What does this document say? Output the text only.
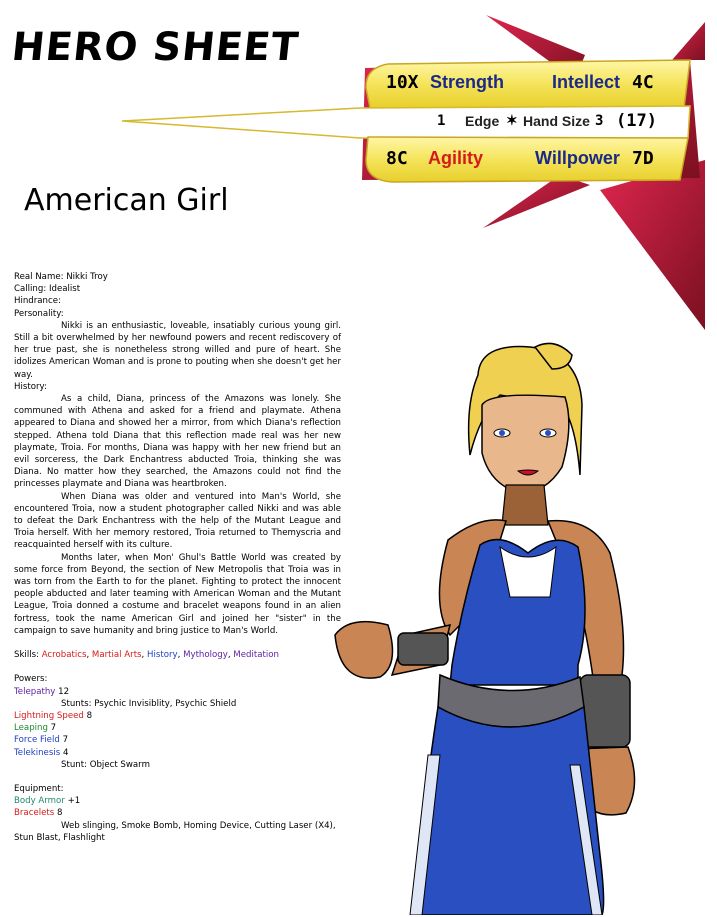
HERO SHEET
10X Strength	Intellect 4C
1 Edge ✶ Hand Size 3 (17)
8C Agility	Willpower 7D
American Girl

Real Name: Nikki Troy

Calling: Idealist

Hindrance:

Personality:

Nikki is an enthusiastic, loveable, insatiably curious young girl. Still a bit overwhelmed by her newfound powers and recent rediscovery of her true past, she is nonetheless strong willed and pure of heart. She idolizes American Woman and is prone to pouting when she doesn't get her way.

History:

As a child, Diana, princess of the Amazons was lonely. She communed with Athena and asked for a friend and playmate. Athena appeared to Diana and showed her a mirror, from which Diana's reflection stepped. Athena told Diana that this reflection made real was her new playmate, Troia. For months, Diana was happy with her new friend but an evil sorceress, the Dark Enchantress abducted Troia, thinking she was Diana. No matter how they searched, the Amazons could not find the princesses playmate and Diana was heartbroken.

When Diana was older and ventured into Man's World, she encountered Troia, now a student photographer called Nikki and was able to defeat the Dark Enchantress with the help of the Mutant League and Troia herself. With her memory restored, Troia returned to Themyscria and reacquainted herself with its culture.

Months later, when Mon' Ghul's Battle World was created by some force from Beyond, the section of New Metropolis that Troia was in was torn from the Earth to for the planet. Fighting to protect the innocent people abducted and later teaming with American Woman and the Mutant League, Troia donned a costume and bracelet weapons found in an alien fortress, took the name American Girl and joined her "sister" in the campaign to save humanity and bring justice to Man's World.

Skills: Acrobatics, Martial Arts, History, Mythology, Meditation

Powers:

Telepathy 12

Stunts: Psychic Invisiblity, Psychic Shield

Lightning Speed 8

Leaping 7

Force Field 7

Telekinesis 4

Stunt: Object Swarm

Equipment:

Body Armor +1

Bracelets 8

Web slinging, Smoke Bomb, Homing Device, Cutting Laser (X4),

Stun Blast, Flashlight
